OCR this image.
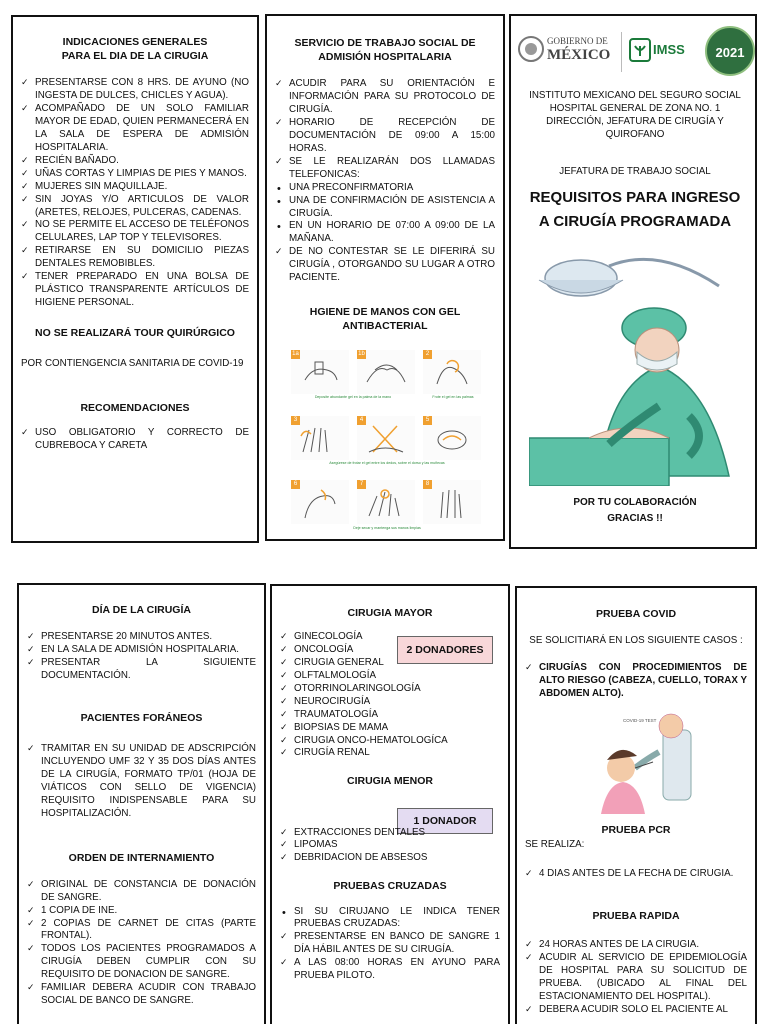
INDICACIONES GENERALES
PARA EL DIA DE LA CIRUGIA
✓ PRESENTARSE CON 8 HRS. DE AYUNO (NO INGESTA DE DULCES, CHICLES Y AGUA).
✓ ACOMPAÑADO DE UN SOLO FAMILIAR MAYOR DE EDAD, QUIEN PERMANECERÁ EN LA SALA DE ESPERA DE ADMISIÓN HOSPITALARIA.
✓ RECIÉN BAÑADO.
✓ UÑAS CORTAS Y LIMPIAS DE PIES Y MANOS.
✓ MUJERES SIN MAQUILLAJE.
✓ SIN JOYAS Y/O ARTICULOS DE VALOR (ARETES, RELOJES, PULCERAS, CADENAS.
✓ NO SE PERMITE EL ACCESO DE TELÉFONOS CELULARES, LAP TOP Y TELEVISORES.
✓ RETIRARSE EN SU DOMICILIO PIEZAS DENTALES REMOBIBLES.
✓ TENER PREPARADO EN UNA BOLSA DE PLÁSTICO TRANSPARENTE ARTÍCULOS DE HIGIENE PERSONAL.
NO SE REALIZARÁ TOUR QUIRÚRGICO
POR CONTIENGENCIA SANITARIA DE COVID-19
RECOMENDACIONES
✓ USO OBLIGATORIO Y CORRECTO DE CUBREBOCA Y CARETA
SERVICIO DE TRABAJO SOCIAL DE
ADMISIÓN HOSPITALARIA
✓ ACUDIR PARA SU ORIENTACIÓN E INFORMACIÓN PARA SU PROTOCOLO DE CIRUGÍA.
✓ HORARIO DE RECEPCIÓN DE DOCUMENTACIÓN DE 09:00 A 15:00 HORAS.
✓ SE LE REALIZARÁN DOS LLAMADAS TELEFONICAS:
• UNA PRECONFIRMATORIA
• UNA DE CONFIRMACIÓN DE ASISTENCIA A CIRUGÍA.
• EN UN HORARIO DE 07:00 A 09:00 DE LA MAÑANA.
✓ DE NO CONTESTAR SE LE DIFERIRÁ SU CIRUGÍA , OTORGANDO SU LUGAR A OTRO PACIENTE.
HGIENE DE MANOS CON GEL
ANTIBACTERIAL
1a	1b	2
Deposite abundante gel en la palma de la mano	Frote el gel en las palmas
3	4	5
Asegúrese de frotar el gel entre los dedos, sobre el dorso y las muñecas
6	7	8
Deje secar y mantenga sus manos limpias
GOBIERNO DE
MÉXICO	IMSS	2021
INSTITUTO MEXICANO DEL SEGURO SOCIAL
HOSPITAL GENERAL DE ZONA NO. 1
DIRECCIÓN, JEFATURA DE CIRUGÍA Y
QUIROFANO
JEFATURA DE TRABAJO SOCIAL
REQUISITOS PARA INGRESO
A CIRUGÍA PROGRAMADA
POR TU COLABORACIÓN
GRACIAS !!
DÍA DE LA CIRUGÍA
✓ PRESENTARSE 20 MINUTOS ANTES.
✓ EN LA SALA DE ADMISIÓN HOSPITALARIA.
✓ PRESENTAR LA SIGUIENTE DOCUMENTACIÓN.
PACIENTES FORÁNEOS
✓ TRAMITAR EN SU UNIDAD DE ADSCRIPCIÓN INCLUYENDO UMF 32 Y 35 DOS DÍAS ANTES DE LA CIRUGÍA, FORMATO TP/01 (HOJA DE VIÁTICOS CON SELLO DE VIGENCIA) REQUISITO INDISPENSABLE PARA SU HOSPITALIZACIÓN.
ORDEN DE INTERNAMIENTO
✓ ORIGINAL DE CONSTANCIA DE DONACIÓN DE SANGRE.
✓ 1 COPIA DE INE.
✓ 2 COPIAS DE CARNET DE CITAS (PARTE FRONTAL).
✓ TODOS LOS PACIENTES PROGRAMADOS A CIRUGÍA DEBEN CUMPLIR CON SU REQUISITO DE DONACION DE SANGRE.
✓ FAMILIAR DEBERA ACUDIR CON TRABAJO SOCIAL DE BANCO DE SANGRE.
CIRUGIA MAYOR
2 DONADORES
✓ GINECOLOGÍA
✓ ONCOLOGÍA
✓ CIRUGIA GENERAL
✓ OLFTALMOLOGÍA
✓ OTORRINOLARINGOLOGÍA
✓ NEUROCIRUGÍA
✓ TRAUMATOLOGÍA
✓ BIOPSIAS DE MAMA
✓ CIRUGIA ONCO-HEMATOLOGÍCA
✓ CIRUGÍA RENAL
CIRUGIA MENOR
1 DONADOR
✓ EXTRACCIONES DENTALES
✓ LIPOMAS
✓ DEBRIDACION DE ABSESOS
PRUEBAS CRUZADAS
• SI SU CIRUJANO LE INDICA TENER PRUEBAS CRUZADAS:
✓ PRESENTARSE EN BANCO DE SANGRE 1 DÍA HÁBIL ANTES DE SU CIRUGÍA.
✓ A LAS 08:00 HORAS EN AYUNO PARA PRUEBA PILOTO.
PRUEBA COVID
SE SOLICITIARÁ EN LOS SIGUIENTE CASOS :
✓ CIRUGÍAS CON PROCEDIMIENTOS DE ALTO RIESGO (CABEZA, CUELLO, TORAX Y ABDOMEN ALTO).
COVID-19 TEST
PRUEBA PCR
SE REALIZA:
✓ 4 DIAS ANTES DE LA FECHA DE CIRUGIA.
PRUEBA RAPIDA
✓ 24 HORAS ANTES DE LA CIRUGIA.
✓ ACUDIR AL SERVICIO DE EPIDEMIOLOGÍA DE HOSPITAL PARA SU SOLICITUD DE PRUEBA. (UBICADO AL FINAL DEL ESTACIONAMIENTO DEL HOSPITAL).
✓ DEBERA ACUDIR SOLO EL PACIENTE AL
